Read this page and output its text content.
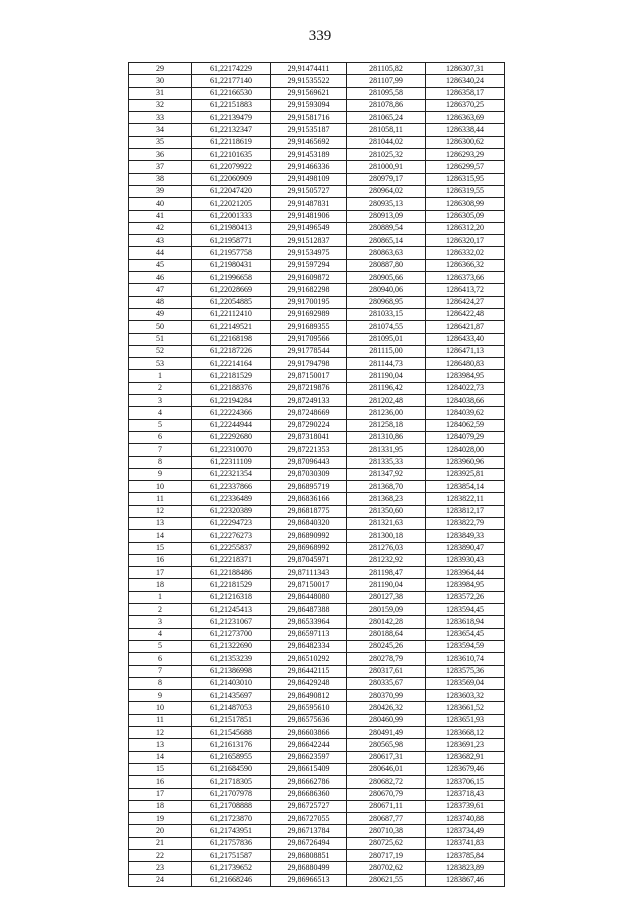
339
29	61,22174229	29,91474411	281105,82	1286307,31
30	61,22177140	29,91535522	281107,99	1286340,24
31	61,22166530	29,91569621	281095,58	1286358,17
32	61,22151883	29,91593094	281078,86	1286370,25
33	61,22139479	29,91581716	281065,24	1286363,69
34	61,22132347	29,91535187	281058,11	1286338,44
35	61,22118619	29,91465692	281044,02	1286300,62
36	61,22101635	29,91453189	281025,32	1286293,29
37	61,22079922	29,91466336	281000,91	1286299,57
38	61,22060909	29,91498109	280979,17	1286315,95
39	61,22047420	29,91505727	280964,02	1286319,55
40	61,22021205	29,91487831	280935,13	1286308,99
41	61,22001333	29,91481906	280913,09	1286305,09
42	61,21980413	29,91496549	280889,54	1286312,20
43	61,21958771	29,91512837	280865,14	1286320,17
44	61,21957758	29,91534975	280863,63	1286332,02
45	61,21980431	29,91597294	280887,80	1286366,32
46	61,21996658	29,91609872	280905,66	1286373,66
47	61,22028669	29,91682298	280940,06	1286413,72
48	61,22054885	29,91700195	280968,95	1286424,27
49	61,22112410	29,91692989	281033,15	1286422,48
50	61,22149521	29,91689355	281074,55	1286421,87
51	61,22168198	29,91709566	281095,01	1286433,40
52	61,22187226	29,91778544	281115,00	1286471,13
53	61,22214164	29,91794798	281144,73	1286480,83
1	61,22181529	29,87150017	281190,04	1283984,95
2	61,22188376	29,87219876	281196,42	1284022,73
3	61,22194284	29,87249133	281202,48	1284038,66
4	61,22224366	29,87248669	281236,00	1284039,62
5	61,22244944	29,87290224	281258,18	1284062,59
6	61,22292680	29,87318041	281310,86	1284079,29
7	61,22310070	29,87221353	281331,95	1284028,00
8	61,22311109	29,87096443	281335,33	1283960,96
9	61,22321354	29,87030309	281347,92	1283925,81
10	61,22337866	29,86895719	281368,70	1283854,14
11	61,22336489	29,86836166	281368,23	1283822,11
12	61,22320389	29,86818775	281350,60	1283812,17
13	61,22294723	29,86840320	281321,63	1283822,79
14	61,22276273	29,86890992	281300,18	1283849,33
15	61,22255837	29,86968992	281276,03	1283890,47
16	61,22218371	29,87045971	281232,92	1283930,43
17	61,22188486	29,87111343	281198,47	1283964,44
18	61,22181529	29,87150017	281190,04	1283984,95
1	61,21216318	29,86448080	280127,38	1283572,26
2	61,21245413	29,86487388	280159,09	1283594,45
3	61,21231067	29,86533964	280142,28	1283618,94
4	61,21273700	29,86597113	280188,64	1283654,45
5	61,21322690	29,86482334	280245,26	1283594,59
6	61,21353239	29,86510292	280278,79	1283610,74
7	61,21386998	29,86442115	280317,61	1283575,36
8	61,21403010	29,86429248	280335,67	1283569,04
9	61,21435697	29,86490812	280370,99	1283603,32
10	61,21487053	29,86595610	280426,32	1283661,52
11	61,21517851	29,86575636	280460,99	1283651,93
12	61,21545688	29,86603866	280491,49	1283668,12
13	61,21613176	29,86642244	280565,98	1283691,23
14	61,21658955	29,86623597	280617,31	1283682,91
15	61,21684590	29,86615409	280646,01	1283679,46
16	61,21718305	29,86662786	280682,72	1283706,15
17	61,21707978	29,86686360	280670,79	1283718,43
18	61,21708888	29,86725727	280671,11	1283739,61
19	61,21723870	29,86727055	280687,77	1283740,88
20	61,21743951	29,86713784	280710,38	1283734,49
21	61,21757836	29,86726494	280725,62	1283741,83
22	61,21751587	29,86808851	280717,19	1283785,84
23	61,21739652	29,86880499	280702,62	1283823,89
24	61,21668246	29,86966513	280621,55	1283867,46
